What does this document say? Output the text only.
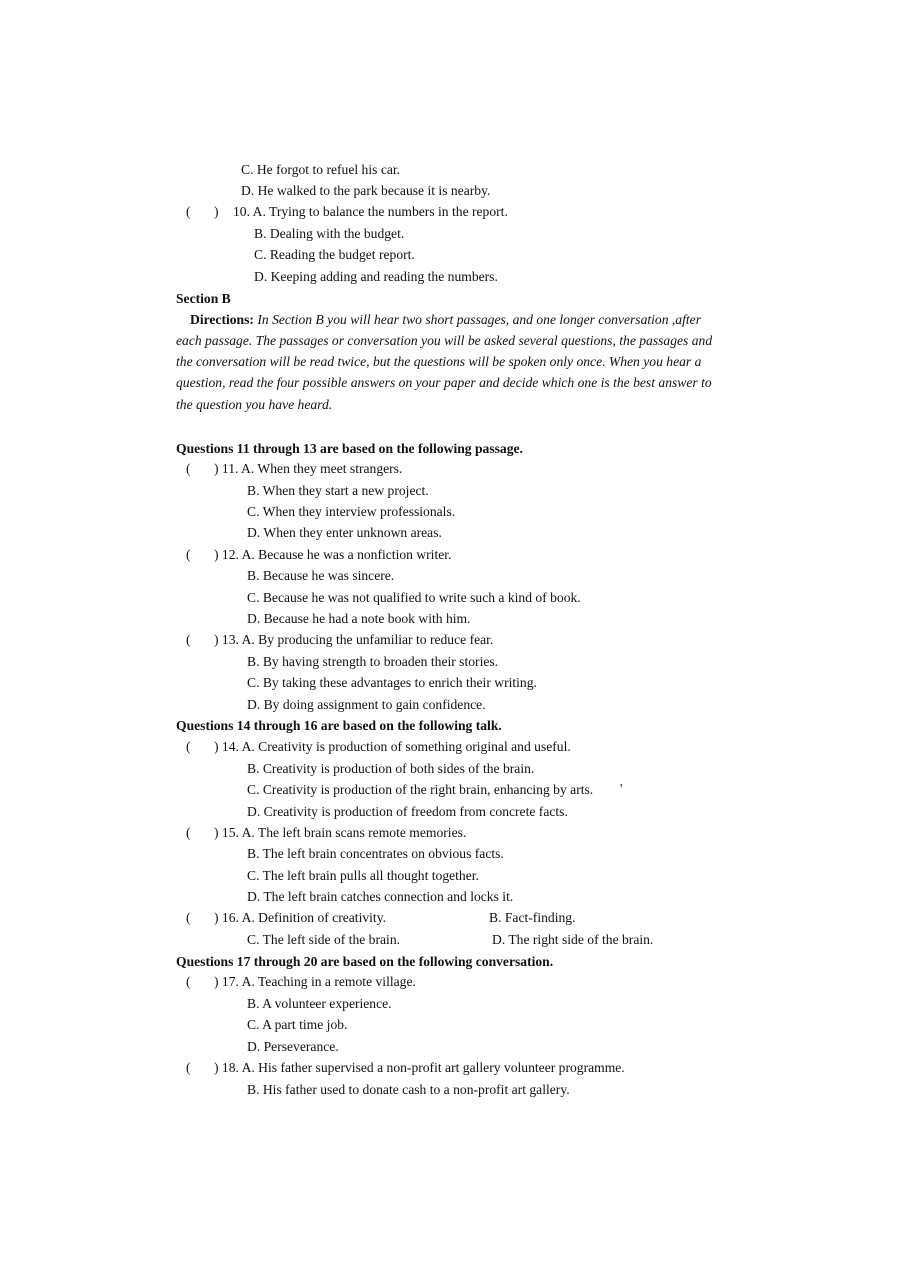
C. He forgot to refuel his car.
D. He walked to the park because it is nearby.
( ) 10. A. Trying to balance the numbers in the report.
B. Dealing with the budget.
C. Reading the budget report.
D. Keeping adding and reading the numbers.
Section B
Directions: In Section B you will hear two short passages, and one longer conversation ,after
each passage. The passages or conversation you will be asked several questions, the passages and
the conversation will be read twice, but the questions will be spoken only once. When you hear a
question, read the four possible answers on your paper and decide which one is the best answer to
the question you have heard.
Questions 11 through 13 are based on the following passage.
( ) 11. A. When they meet strangers.
B. When they start a new project.
C. When they interview professionals.
D. When they enter unknown areas.
( ) 12. A. Because he was a nonfiction writer.
B. Because he was sincere.
C. Because he was not qualified to write such a kind of book.
D. Because he had a note book with him.
( ) 13. A. By producing the unfamiliar to reduce fear.
B. By having strength to broaden their stories.
C. By taking these advantages to enrich their writing.
D. By doing assignment to gain confidence.
Questions 14 through 16 are based on the following talk.
( ) 14. A. Creativity is production of something original and useful.
B. Creativity is production of both sides of the brain.
C. Creativity is production of the right brain, enhancing by arts. '
D. Creativity is production of freedom from concrete facts.
( ) 15. A. The left brain scans remote memories.
B. The left brain concentrates on obvious facts.
C. The left brain pulls all thought together.
D. The left brain catches connection and locks it.
( ) 16. A. Definition of creativity.	B. Fact-finding.
C. The left side of the brain.	D. The right side of the brain.
Questions 17 through 20 are based on the following conversation.
( ) 17. A. Teaching in a remote village.
B. A volunteer experience.
C. A part time job.
D. Perseverance.
( ) 18. A. His father supervised a non-profit art gallery volunteer programme.
B. His father used to donate cash to a non-profit art gallery.
